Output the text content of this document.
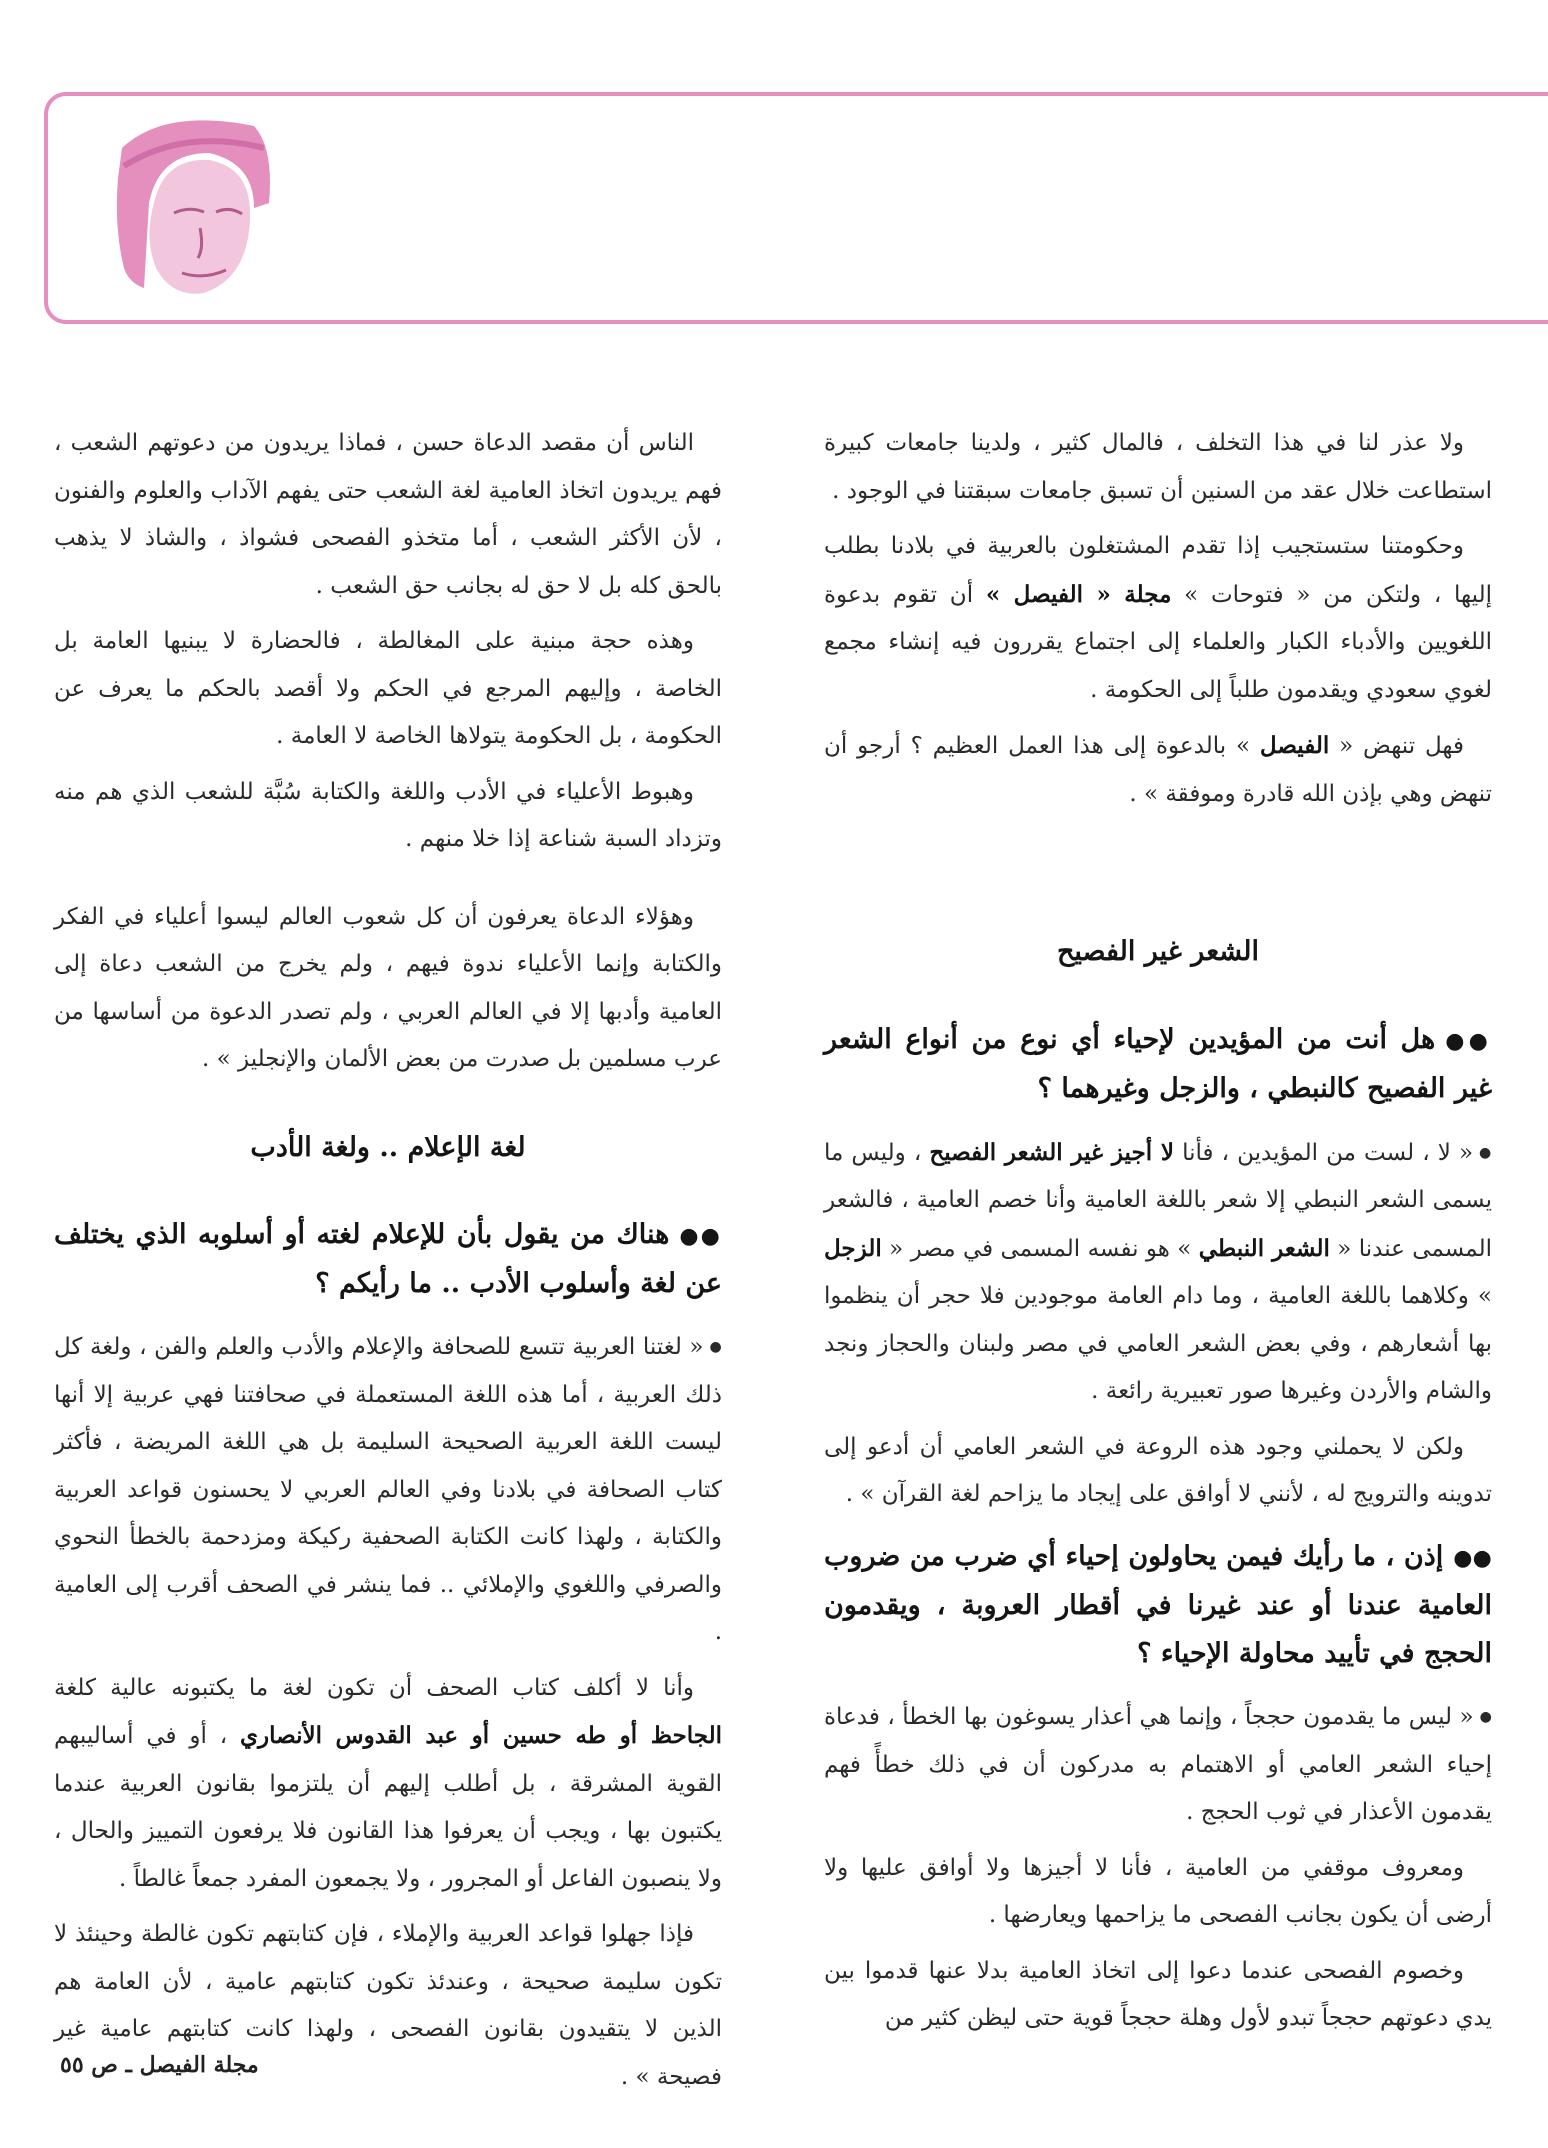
ولا عذر لنا في هذا التخلف ، فالمال كثير ، ولدينا جامعات كبيرة استطاعت خلال عقد من السنين أن تسبق جامعات سبقتنا في الوجود .

وحكومتنا ستستجيب إذا تقدم المشتغلون بالعربية في بلادنا بطلب إليها ، ولتكن من « فتوحات » مجلة « الفيصل » أن تقوم بدعوة اللغويين والأدباء الكبار والعلماء إلى اجتماع يقررون فيه إنشاء مجمع لغوي سعودي ويقدمون طلباً إلى الحكومة .

فهل تنهض « الفيصل » بالدعوة إلى هذا العمل العظيم ؟ أرجو أن تنهض وهي بإذن الله قادرة وموفقة » .

الشعر غير الفصيح

●●هل أنت من المؤيدين لإحياء أي نوع من أنواع الشعر غير الفصيح كالنبطي ، والزجل وغيرهما ؟

●« لا ، لست من المؤيدين ، فأنا لا أجيز غير الشعر الفصيح ، وليس ما يسمى الشعر النبطي إلا شعر باللغة العامية وأنا خصم العامية ، فالشعر المسمى عندنا « الشعر النبطي » هو نفسه المسمى في مصر « الزجل » وكلاهما باللغة العامية ، وما دام العامة موجودين فلا حجر أن ينظموا بها أشعارهم ، وفي بعض الشعر العامي في مصر ولبنان والحجاز ونجد والشام والأردن وغيرها صور تعبيرية رائعة .

ولكن لا يحملني وجود هذه الروعة في الشعر العامي أن أدعو إلى تدوينه والترويج له ، لأنني لا أوافق على إيجاد ما يزاحم لغة القرآن » .

●●إذن ، ما رأيك فيمن يحاولون إحياء أي ضرب من ضروب العامية عندنا أو عند غيرنا في أقطار العروبة ، ويقدمون الحجج في تأييد محاولة الإحياء ؟

●« ليس ما يقدمون حججاً ، وإنما هي أعذار يسوغون بها الخطأ ، فدعاة إحياء الشعر العامي أو الاهتمام به مدركون أن في ذلك خطأً فهم يقدمون الأعذار في ثوب الحجج .

ومعروف موقفي من العامية ، فأنا لا أجيزها ولا أوافق عليها ولا أرضى أن يكون بجانب الفصحى ما يزاحمها ويعارضها .

وخصوم الفصحى عندما دعوا إلى اتخاذ العامية بدلا عنها قدموا بين يدي دعوتهم حججاً تبدو لأول وهلة حججاً قوية حتى ليظن كثير من

الناس أن مقصد الدعاة حسن ، فماذا يريدون من دعوتهم الشعب ، فهم يريدون اتخاذ العامية لغة الشعب حتى يفهم الآداب والعلوم والفنون ، لأن الأكثر الشعب ، أما متخذو الفصحى فشواذ ، والشاذ لا يذهب بالحق كله بل لا حق له بجانب حق الشعب .

وهذه حجة مبنية على المغالطة ، فالحضارة لا يبنيها العامة بل الخاصة ، وإليهم المرجع في الحكم ولا أقصد بالحكم ما يعرف عن الحكومة ، بل الحكومة يتولاها الخاصة لا العامة .

وهبوط الأعلياء في الأدب واللغة والكتابة سُبَّة للشعب الذي هم منه وتزداد السبة شناعة إذا خلا منهم .

وهؤلاء الدعاة يعرفون أن كل شعوب العالم ليسوا أعلياء في الفكر والكتابة وإنما الأعلياء ندوة فيهم ، ولم يخرج من الشعب دعاة إلى العامية وأدبها إلا في العالم العربي ، ولم تصدر الدعوة من أساسها من عرب مسلمين بل صدرت من بعض الألمان والإنجليز » .

لغة الإعلام .. ولغة الأدب

●●هناك من يقول بأن للإعلام لغته أو أسلوبه الذي يختلف عن لغة وأسلوب الأدب .. ما رأيكم ؟

●« لغتنا العربية تتسع للصحافة والإعلام والأدب والعلم والفن ، ولغة كل ذلك العربية ، أما هذه اللغة المستعملة في صحافتنا فهي عربية إلا أنها ليست اللغة العربية الصحيحة السليمة بل هي اللغة المريضة ، فأكثر كتاب الصحافة في بلادنا وفي العالم العربي لا يحسنون قواعد العربية والكتابة ، ولهذا كانت الكتابة الصحفية ركيكة ومزدحمة بالخطأ النحوي والصرفي واللغوي والإملائي .. فما ينشر في الصحف أقرب إلى العامية .

وأنا لا أكلف كتاب الصحف أن تكون لغة ما يكتبونه عالية كلغة الجاحظ أو طه حسين أو عبد القدوس الأنصاري ، أو في أساليبهم القوية المشرقة ، بل أطلب إليهم أن يلتزموا بقانون العربية عندما يكتبون بها ، ويجب أن يعرفوا هذا القانون فلا يرفعون التمييز والحال ، ولا ينصبون الفاعل أو المجرور ، ولا يجمعون المفرد جمعاً غالطاً .

فإذا جهلوا قواعد العربية والإملاء ، فإن كتابتهم تكون غالطة وحينئذ لا تكون سليمة صحيحة ، وعندئذ تكون كتابتهم عامية ، لأن العامة هم الذين لا يتقيدون بقانون الفصحى ، ولهذا كانت كتابتهم عامية غير فصيحة » .

مجلة الفيصل ـ ص ٥٥
